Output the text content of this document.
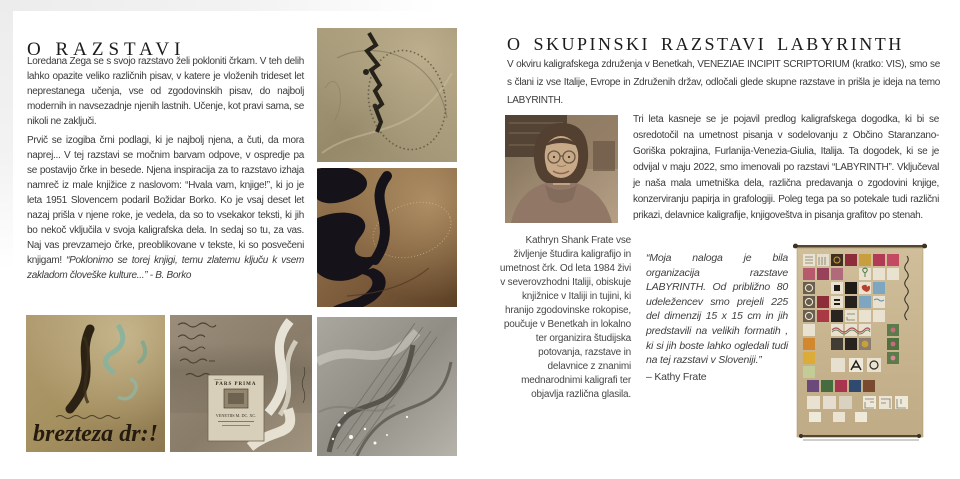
O RAZSTAVI

Loredana Zega se s svojo razstavo želi pokloniti črkam. V teh delih lahko opazite veliko različnih pisav, v katere je vloženih trideset let neprestanega učenja, vse od zgodovinskih pisav, do najbolj modernih in navsezadnje njenih lastnih. Učenje, kot pravi sama, se nikoli ne zaključi.

Prvič se izogiba črni podlagi, ki je najbolj njena, a čuti, da mora naprej... V tej razstavi se močnim barvam odpove, v ospredje pa se postavijo črke in besede. Njena inspiracija za to razstavo izhaja namreč iz male knjižice z naslovom: “Hvala vam, knjige!”, ki jo je leta 1951 Slovencem podaril Božidar Borko. Ko je vsaj deset let nazaj prišla v njene roke, je vedela, da so to vsekakor teksti, ki jih bo nekoč vključila v svoja kaligrafska dela. In sedaj so tu, za vas. Naj vas prevzamejo črke, preoblikovane v tekste, ki so posvečeni knjigam! “Poklonimo se torej knjigi, temu zlatemu ključu k vsem zakladom človeške kulture...” - B. Borko

brezteza dr:!
PARS PRIMA
VENETIIS M. DC. XC.
O SKUPINSKI RAZSTAVI LABYRINTH
V okviru kaligrafskega združenja v Benetkah, VENEZIAE INCIPIT SCRIPTORIUM (kratko: VIS), smo se s člani iz vse Italije, Evrope in Združenih držav, odločali glede skupne razstave in prišla je ideja na temo LABYRINTH.
Tri leta kasneje se je pojavil predlog kaligrafskega dogodka, ki bi se osredotočil na umetnost pisanja v sodelovanju z Občino Staranzano- Goriška pokrajina, Furlanija-Venezia-Giulia, Italija. Ta dogodek, ki se je odvijal v maju 2022, smo imenovali po razstavi “LABYRINTH”. Vključeval je naša mala umetniška dela, različna predavanja o zgodovini knjige, konzerviranju papirja in grafologiji. Poleg tega pa so potekale tudi različni prikazi, delavnice kaligrafije, knjigoveštva in pisanja grafitov po stenah.
Kathryn Shank Frate vse življenje študira kaligrafijo in umetnost črk. Od leta 1984 živi v severovzhodni Italiji, obiskuje knjižnice v Italiji in tujini, ki hranijo zgodovinske rokopise, poučuje v Benetkah in lokalno ter organizira študijska potovanja, razstave in delavnice z znanimi mednarodnimi kaligrafi ter objavlja različna glasila.
“Moja naloga je bila organizacija razstave LABYRINTH. Od približno 80 udeležencev smo prejeli 225 del dimenzij 15 x 15 cm in jih predstavili na velikih formatih , ki si jih boste lahko ogledali tudi na tej razstavi v Sloveniji.”
– Kathy Frate
